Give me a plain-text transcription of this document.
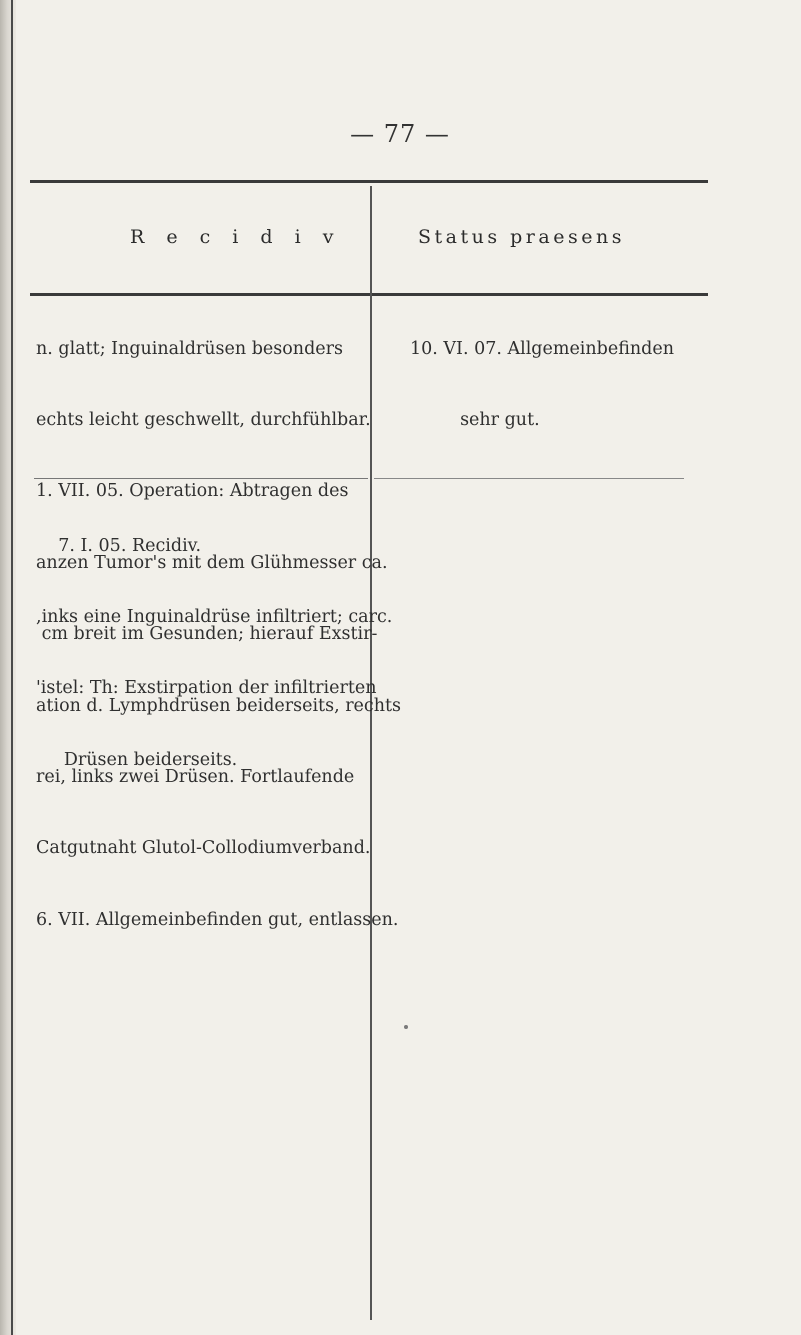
— 77 —
R e c i d i v	Status praesens

n. glatt; Inguinaldrüsen besonders

echts leicht geschwellt, durchfühlbar.

1. VII. 05. Operation: Abtragen des

anzen Tumor's mit dem Glühmesser ca.

cm breit im Gesunden; hierauf Exstir-

ation d. Lymphdrüsen beiderseits, rechts

rei, links zwei Drüsen. Fortlaufende

Catgutnaht Glutol-Collodiumverband.

6. VII. Allgemeinbefinden gut, entlassen.

10. VI. 07. Allgemeinbefinden

sehr gut.

7. I. 05. Recidiv.

,inks eine Inguinaldrüse infiltriert; carc.

'istel: Th: Exstirpation der infiltrierten

Drüsen beiderseits.
